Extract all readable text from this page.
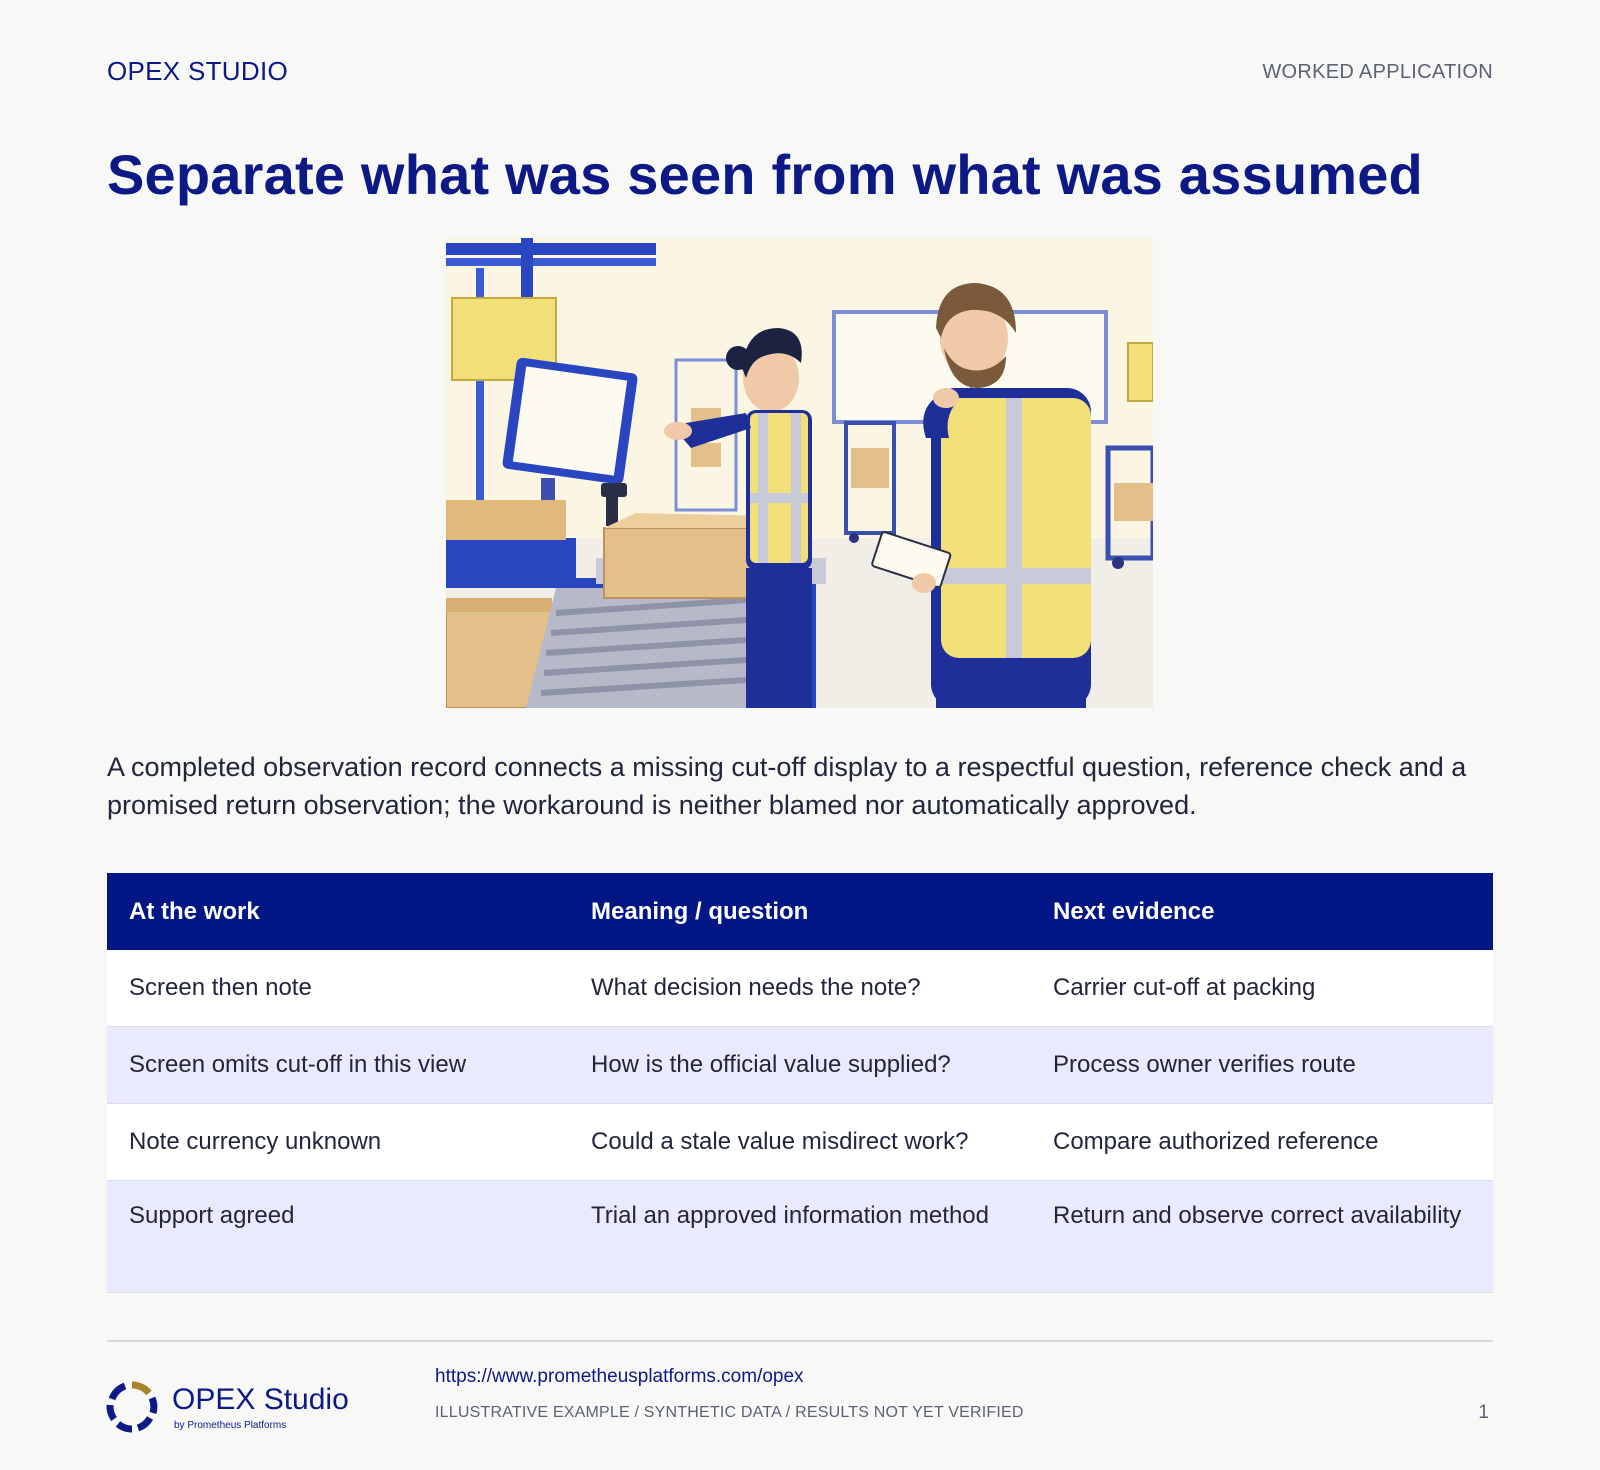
OPEX STUDIO	WORKED APPLICATION
Separate what was seen from what was assumed

A completed observation record connects a missing cut-off display to a respectful question, reference check and a promised return observation; the workaround is neither blamed nor automatically approved.

At the work	Meaning / question	Next evidence
Screen then note	What decision needs the note?	Carrier cut-off at packing
Screen omits cut-off in this view	How is the official value supplied?	Process owner verifies route
Note currency unknown	Could a stale value misdirect work?	Compare authorized reference
Support agreed	Trial an approved information method	Return and observe correct availability
OPEX Studio
by Prometheus Platforms
https://www.prometheusplatforms.com/opex
ILLUSTRATIVE EXAMPLE / SYNTHETIC DATA / RESULTS NOT YET VERIFIED	1
